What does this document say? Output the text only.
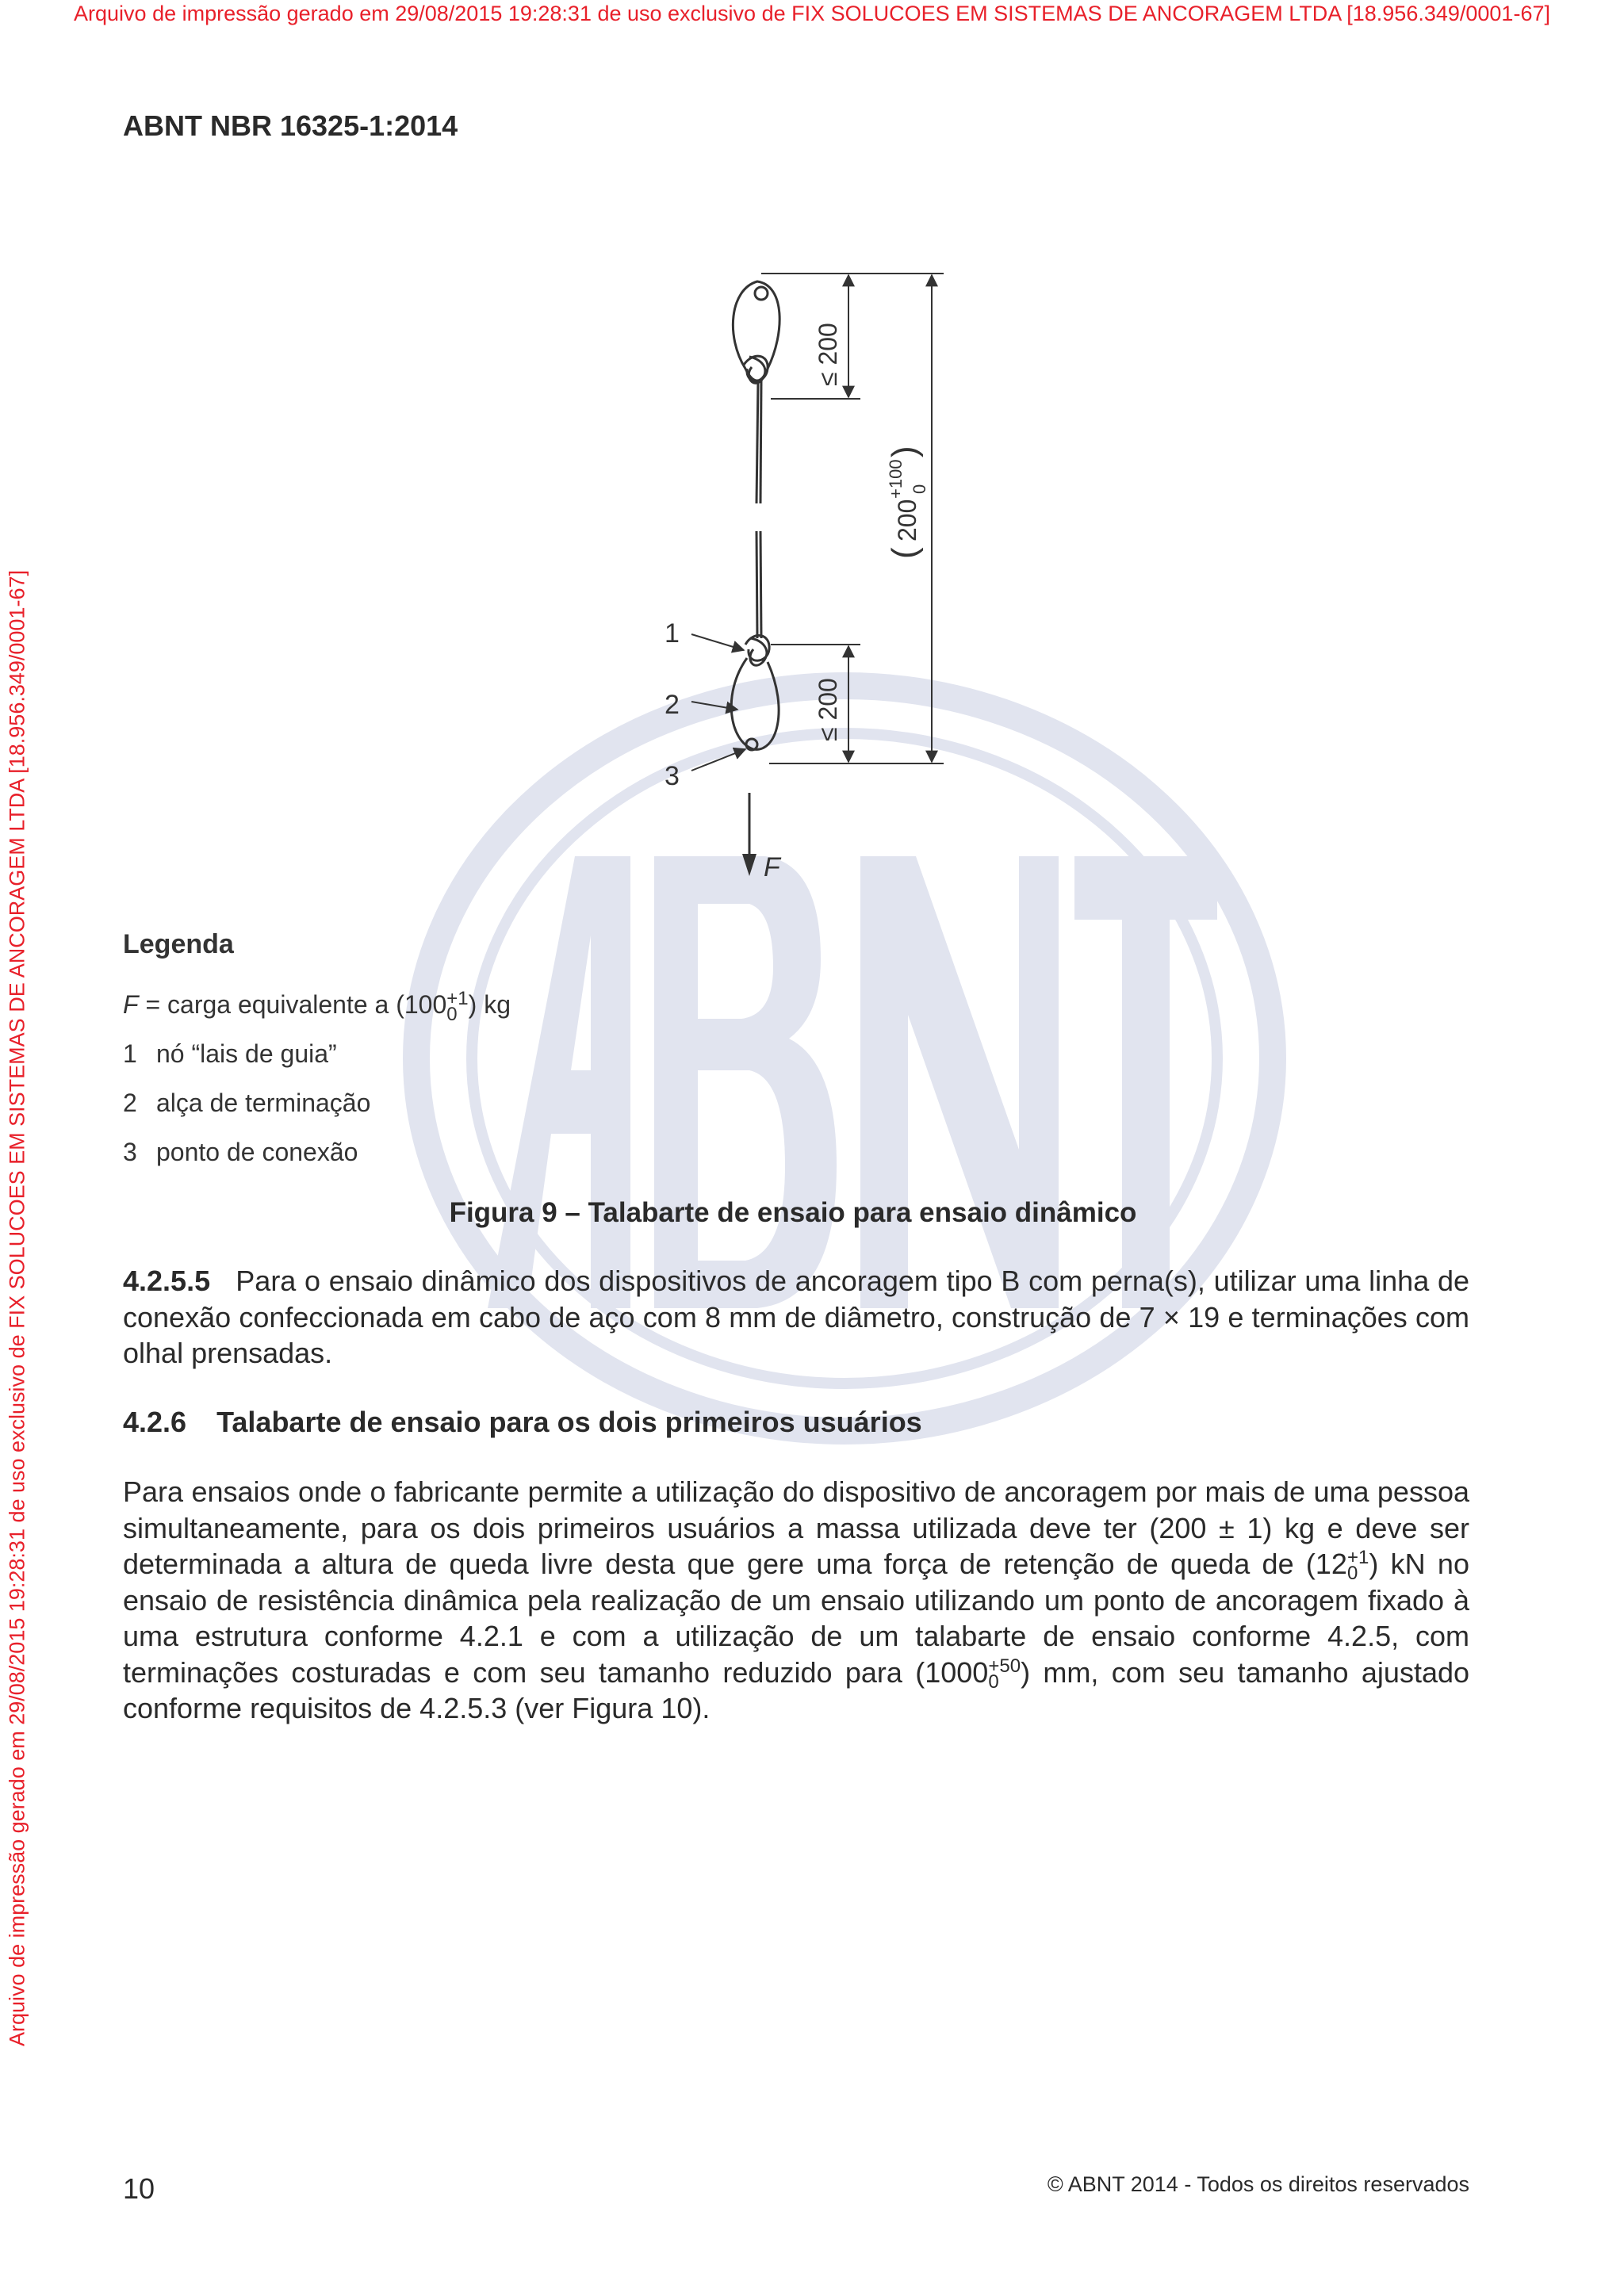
Arquivo de impressão gerado em 29/08/2015 19:28:31 de uso exclusivo de FIX SOLUCOES EM SISTEMAS DE ANCORAGEM LTDA [18.956.349/0001-67]
Arquivo de impressão gerado em 29/08/2015 19:28:31 de uso exclusivo de FIX SOLUCOES EM SISTEMAS DE ANCORAGEM LTDA [18.956.349/0001-67]
ABNT NBR 16325-1:2014
1
2
3
F
≤ 200
≤ 200
(
200
+100 0
)
Legenda
F = carga equivalente a (100 +1
0 ) kg
1 nó “lais de guia”
2 alça de terminação
3 ponto de conexão
Figura 9 – Talabarte de ensaio para ensaio dinâmico
4.2.5.5 Para o ensaio dinâmico dos dispositivos de ancoragem tipo B com perna(s), utilizar uma linha de conexão confeccionada em cabo de aço com 8 mm de diâmetro, construção de 7 × 19 e terminações com olhal prensadas.
4.2.6 Talabarte de ensaio para os dois primeiros usuários
Para ensaios onde o fabricante permite a utilização do dispositivo de ancoragem por mais de uma pessoa simultaneamente, para os dois primeiros usuários a massa utilizada deve ter (200 ± 1) kg e deve ser determinada a altura de queda livre desta que gere uma força de retenção de queda de (12 +1
0 ) kN no ensaio de resistência dinâmica pela realização de um ensaio utilizando um ponto de ancoragem fixado à uma estrutura conforme 4.2.1 e com a utilização de um talabarte de ensaio conforme 4.2.5, com terminações costuradas e com seu tamanho reduzido para (1000 +50
0 ) mm, com seu tamanho ajustado conforme requisitos de 4.2.5.3 (ver Figura 10).
10	© ABNT 2014 - Todos os direitos reservados
